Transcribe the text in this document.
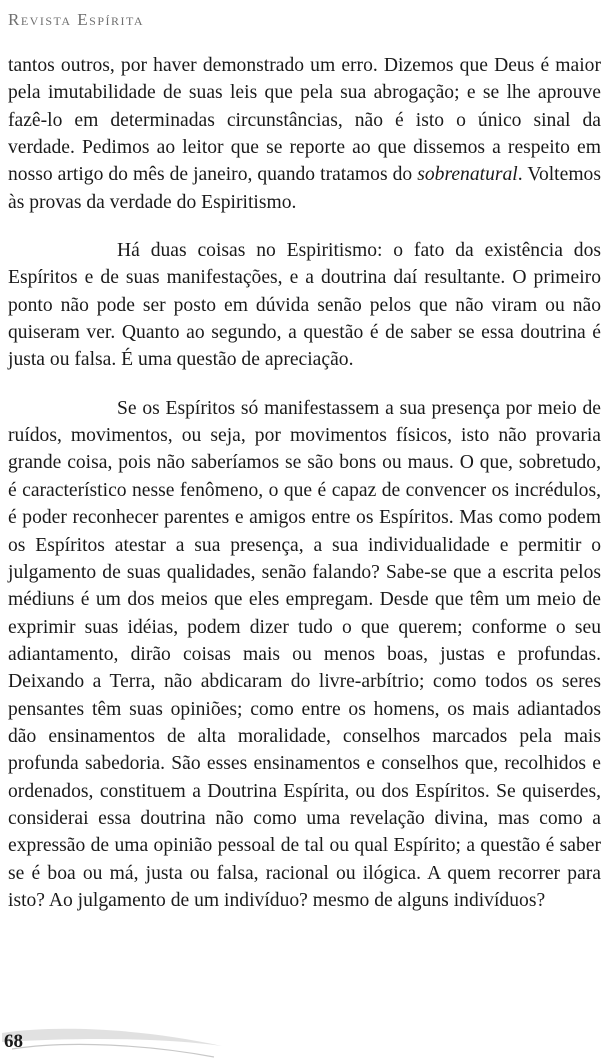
Revista Espírita

tantos outros, por haver demonstrado um erro. Dizemos que Deus é maior pela imutabilidade de suas leis que pela sua abrogação; e se lhe aprouve fazê-lo em determinadas circunstâncias, não é isto o único sinal da verdade. Pedimos ao leitor que se reporte ao que dissemos a respeito em nosso artigo do mês de janeiro, quando tratamos do sobrenatural. Voltemos às provas da verdade do Espiritismo.

Há duas coisas no Espiritismo: o fato da existência dos Espíritos e de suas manifestações, e a doutrina daí resultante. O primeiro ponto não pode ser posto em dúvida senão pelos que não viram ou não quiseram ver. Quanto ao segundo, a questão é de saber se essa doutrina é justa ou falsa. É uma questão de apreciação.

Se os Espíritos só manifestassem a sua presença por meio de ruídos, movimentos, ou seja, por movimentos físicos, isto não provaria grande coisa, pois não saberíamos se são bons ou maus. O que, sobretudo, é característico nesse fenômeno, o que é capaz de convencer os incrédulos, é poder reconhecer parentes e amigos entre os Espíritos. Mas como podem os Espíritos atestar a sua presença, a sua individualidade e permitir o julgamento de suas qualidades, senão falando? Sabe-se que a escrita pelos médiuns é um dos meios que eles empregam. Desde que têm um meio de exprimir suas idéias, podem dizer tudo o que querem; conforme o seu adiantamento, dirão coisas mais ou menos boas, justas e profundas. Deixando a Terra, não abdicaram do livre-arbítrio; como todos os seres pensantes têm suas opiniões; como entre os homens, os mais adiantados dão ensinamentos de alta moralidade, conselhos marcados pela mais profunda sabedoria. São esses ensinamentos e conselhos que, recolhidos e ordenados, constituem a Doutrina Espírita, ou dos Espíritos. Se quiserdes, considerai essa doutrina não como uma revelação divina, mas como a expressão de uma opinião pessoal de tal ou qual Espírito; a questão é saber se é boa ou má, justa ou falsa, racional ou ilógica. A quem recorrer para isto? Ao julgamento de um indivíduo? mesmo de alguns indivíduos?

68
